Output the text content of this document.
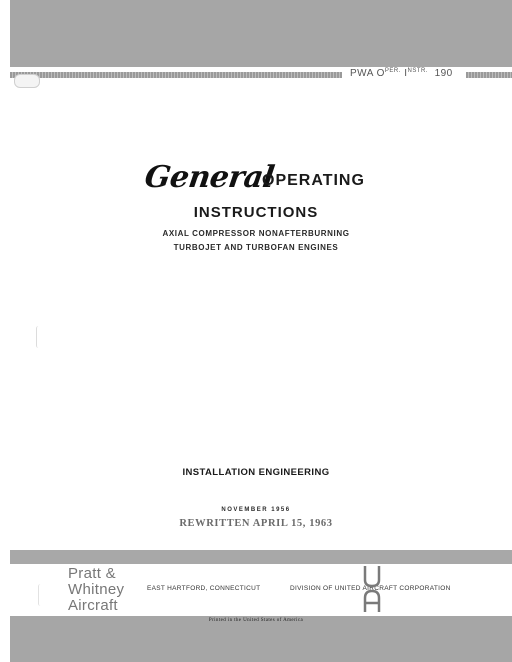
PWA $O^{PER.}$ $I^{NSTR.}$ 190
General
OPERATING
INSTRUCTIONS
AXIAL COMPRESSOR NONAFTERBURNING
TURBOJET AND TURBOFAN ENGINES
INSTALLATION ENGINEERING
NOVEMBER 1956
REWRITTEN APRIL 15, 1963
Pratt &
Whitney
Aircraft
EAST HARTFORD, CONNECTICUT	DIVISION OF UNITED AIRCRAFT CORPORATION
Printed in the United States of America
